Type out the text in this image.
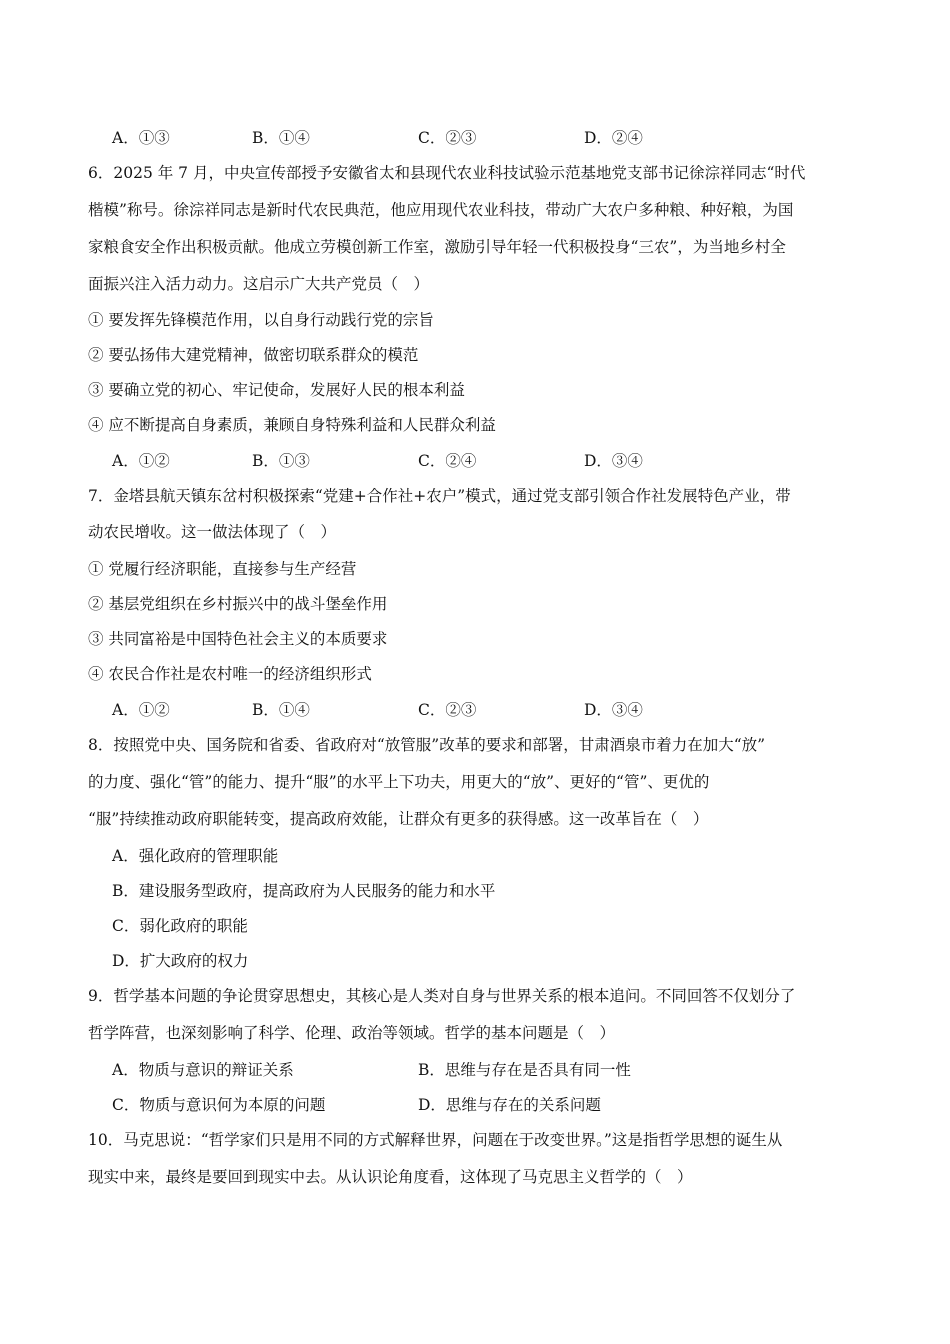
A．①③	B．①④	C．②③	D．②④
6．2025 年 7 月，中央宣传部授予安徽省太和县现代农业科技试验示范基地党支部书记徐淙祥同志“时代
楷模”称号。徐淙祥同志是新时代农民典范，他应用现代农业科技，带动广大农户多种粮、种好粮，为国
家粮食安全作出积极贡献。他成立劳模创新工作室，激励引导年轻一代积极投身“三农”，为当地乡村全
面振兴注入活力动力。这启示广大共产党员（　）
① 要发挥先锋模范作用，以自身行动践行党的宗旨
② 要弘扬伟大建党精神，做密切联系群众的模范
③ 要确立党的初心、牢记使命，发展好人民的根本利益
④ 应不断提高自身素质，兼顾自身特殊利益和人民群众利益
A．①②	B．①③	C．②④	D．③④
7．金塔县航天镇东岔村积极探索“党建+合作社+农户”模式，通过党支部引领合作社发展特色产业，带
动农民增收。这一做法体现了（　）
① 党履行经济职能，直接参与生产经营
② 基层党组织在乡村振兴中的战斗堡垒作用
③ 共同富裕是中国特色社会主义的本质要求
④ 农民合作社是农村唯一的经济组织形式
A．①②	B．①④	C．②③	D．③④
8．按照党中央、国务院和省委、省政府对“放管服”改革的要求和部署，甘肃酒泉市着力在加大“放”
的力度、强化“管”的能力、提升“服”的水平上下功夫，用更大的“放”、更好的“管”、更优的
“服”持续推动政府职能转变，提高政府效能，让群众有更多的获得感。这一改革旨在（　）
A．强化政府的管理职能
B．建设服务型政府，提高政府为人民服务的能力和水平
C．弱化政府的职能
D．扩大政府的权力
9．哲学基本问题的争论贯穿思想史，其核心是人类对自身与世界关系的根本追问。不同回答不仅划分了
哲学阵营，也深刻影响了科学、伦理、政治等领域。哲学的基本问题是（　）
A．物质与意识的辩证关系	B．思维与存在是否具有同一性
C．物质与意识何为本原的问题	D．思维与存在的关系问题
10．马克思说：“哲学家们只是用不同的方式解释世界，问题在于改变世界。”这是指哲学思想的诞生从
现实中来，最终是要回到现实中去。从认识论角度看，这体现了马克思主义哲学的（　）
